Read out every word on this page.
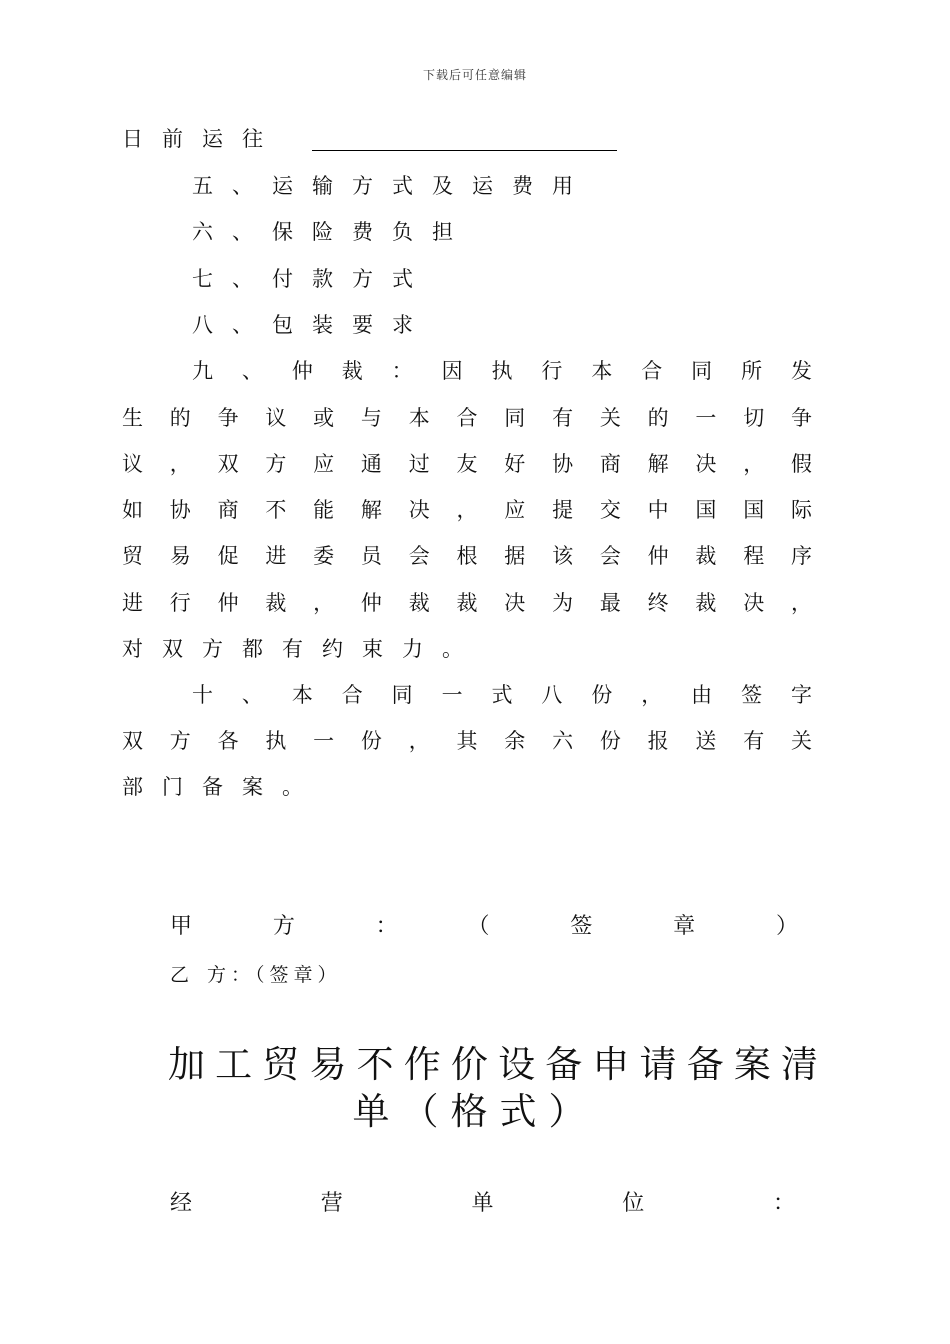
下载后可任意编辑
日前运往
五、运输方式及运费用
六、保险费负担
七、付款方式
八、包装要求
九、仲裁：因执行本合同所发
生的争议或与本合同有关的一切争
议，双方应通过友好协商解决，假
如协商不能解决，应提交中国国际
贸易促进委员会根据该会仲裁程序
进行仲裁，仲裁裁决为最终裁决，
对双方都有约束力。
十、本合同一式八份，由签字
双方各执一份，其余六份报送有关
部门备案。
甲方：（签章）
乙方：（签章）
加工贸易不作价设备申请备案清
单（格式）
经营单位：
